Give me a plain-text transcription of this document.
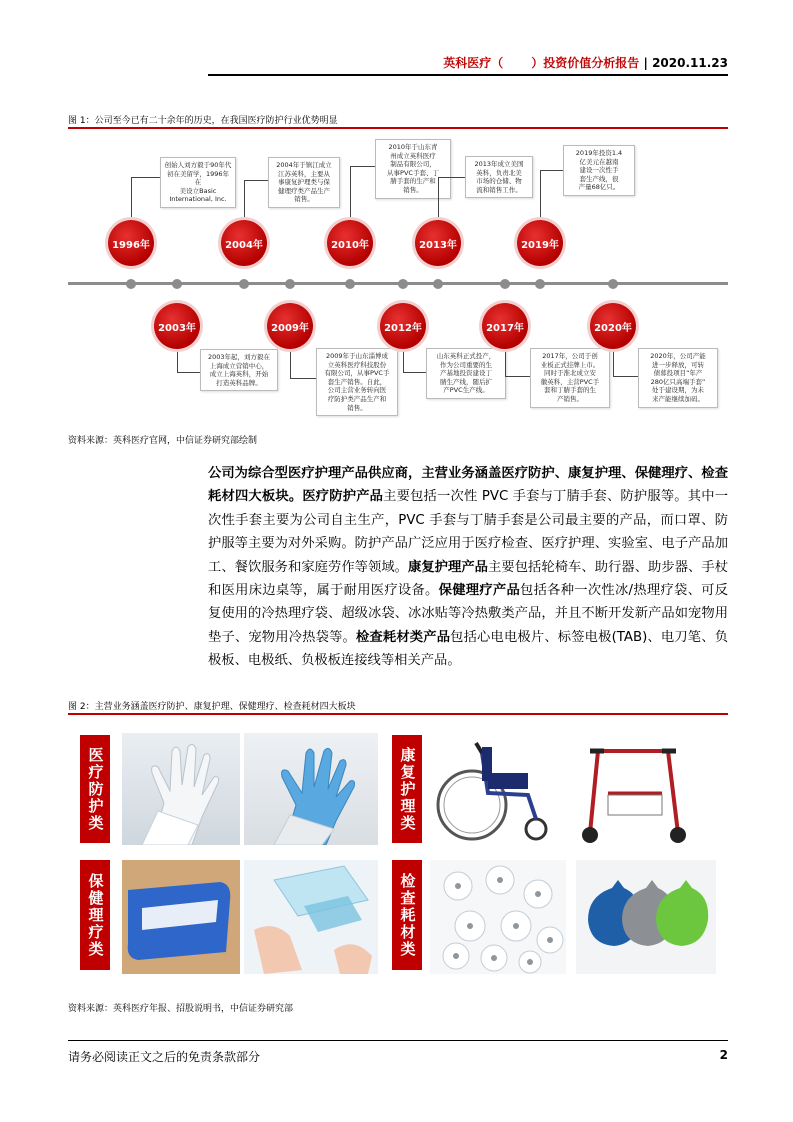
英科医疗（ ）投资价值分析报告 | 2020.11.23
图 1：公司至今已有二十余年的历史，在我国医疗防护行业优势明显
1996年
创始人刘方毅于90年代
初在美留学，1996年在
美设立Basic
International, Inc.
2003年
2003年起，刘方毅在
上海成立营销中心，
成立上海英科，开始
打造英科品牌。
2004年
2004年于镇江成立
江苏英科，主要从
事康复护理类与保
健理疗类产品生产
销售。
2009年
2009年于山东淄博成
立英科医疗科技股份
有限公司，从事PVC手
套生产销售。自此，
公司主营业务转向医
疗防护类产品生产和
销售。
2010年
2010年于山东青
州成立英科医疗
制品有限公司，
从事PVC手套、丁
腈手套的生产和
销售。
2012年
山东英科正式投产，
作为公司重要的生
产基地投资建设丁
腈生产线，随后扩
产PVC生产线。
2013年
2013年成立美国
英科，负责北美
市场的仓储、物
流和销售工作。
2017年
2017年，公司于创
业板正式挂牌上市。
同时于淮北成立安
徽英科，主营PVC手
套和丁腈手套的生
产销售。
2019年
2019年投资1.4
亿美元在越南
建设一次性手
套生产线，很
产量68亿只。
2020年
2020年，公司产能
进一步释放，可转
债募投项目“年产
280亿只高端手套”
处于建设期，为未
来产能继续加码。
资料来源：英科医疗官网，中信证券研究部绘制
公司为综合型医疗护理产品供应商，主营业务涵盖医疗防护、康复护理、保健理疗、检查耗材四大板块。医疗防护产品主要包括一次性 PVC 手套与丁腈手套、防护服等。其中一次性手套主要为公司自主生产，PVC 手套与丁腈手套是公司最主要的产品，而口罩、防护服等主要为对外采购。防护产品广泛应用于医疗检查、医疗护理、实验室、电子产品加工、餐饮服务和家庭劳作等领域。康复护理产品主要包括轮椅车、助行器、助步器、手杖和医用床边桌等，属于耐用医疗设备。保健理疗产品包括各种一次性冰/热理疗袋、可反复使用的冷热理疗袋、超级冰袋、冰冰贴等冷热敷类产品，并且不断开发新产品如宠物用垫子、宠物用冷热袋等。检查耗材类产品包括心电电极片、标签电极(TAB)、电刀笔、负极板、电极纸、负极板连接线等相关产品。
图 2：主营业务涵盖医疗防护、康复护理、保健理疗、检查耗材四大板块
医疗防护类	康复护理类
保健理疗类	检查耗材类
资料来源：英科医疗年报、招股说明书，中信证券研究部
请务必阅读正文之后的免责条款部分	2
